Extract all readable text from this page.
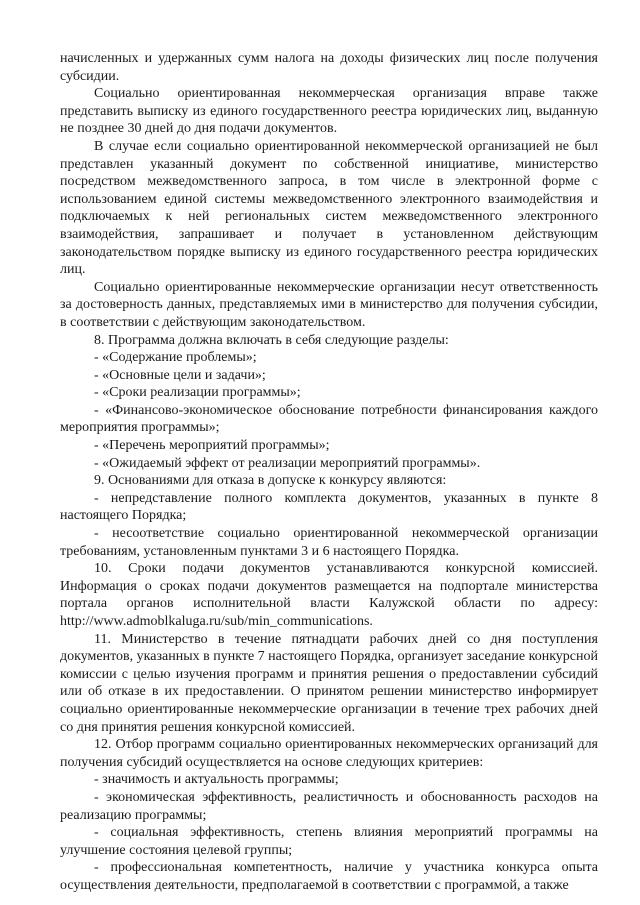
начисленных и удержанных сумм налога на доходы физических лиц после получения субсидии.

Социально ориентированная некоммерческая организация вправе также представить выписку из единого государственного реестра юридических лиц, выданную не позднее 30 дней до дня подачи документов.

В случае если социально ориентированной некоммерческой организацией не был представлен указанный документ по собственной инициативе, министерство посредством межведомственного запроса, в том числе в электронной форме с использованием единой системы межведомственного электронного взаимодействия и подключаемых к ней региональных систем межведомственного электронного взаимодействия, запрашивает и получает в установленном действующим законодательством порядке выписку из единого государственного реестра юридических лиц.

Социально ориентированные некоммерческие организации несут ответственность за достоверность данных, представляемых ими в министерство для получения субсидии, в соответствии с действующим законодательством.

8. Программа должна включать в себя следующие разделы:

- «Содержание проблемы»;
- «Основные цели и задачи»;
- «Сроки реализации программы»;
- «Финансово-экономическое обоснование потребности финансирования каждого мероприятия программы»;
- «Перечень мероприятий программы»;
- «Ожидаемый эффект от реализации мероприятий программы».

9. Основаниями для отказа в допуске к конкурсу являются:

- непредставление полного комплекта документов, указанных в пункте 8 настоящего Порядка;
- несоответствие социально ориентированной некоммерческой организации требованиям, установленным пунктами 3 и 6 настоящего Порядка.

10. Сроки подачи документов устанавливаются конкурсной комиссией. Информация о сроках подачи документов размещается на подпортале министерства портала органов исполнительной власти Калужской области по адресу: http://www.admoblkaluga.ru/sub/min_communications.

11. Министерство в течение пятнадцати рабочих дней со дня поступления документов, указанных в пункте 7 настоящего Порядка, организует заседание конкурсной комиссии с целью изучения программ и принятия решения о предоставлении субсидий или об отказе в их предоставлении. О принятом решении министерство информирует социально ориентированные некоммерческие организации в течение трех рабочих дней со дня принятия решения конкурсной комиссией.

12. Отбор программ социально ориентированных некоммерческих организаций для получения субсидий осуществляется на основе следующих критериев:

- значимость и актуальность программы;
- экономическая эффективность, реалистичность и обоснованность расходов на реализацию программы;
- социальная эффективность, степень влияния мероприятий программы на улучшение состояния целевой группы;
- профессиональная компетентность, наличие у участника конкурса опыта осуществления деятельности, предполагаемой в соответствии с программой, а также
